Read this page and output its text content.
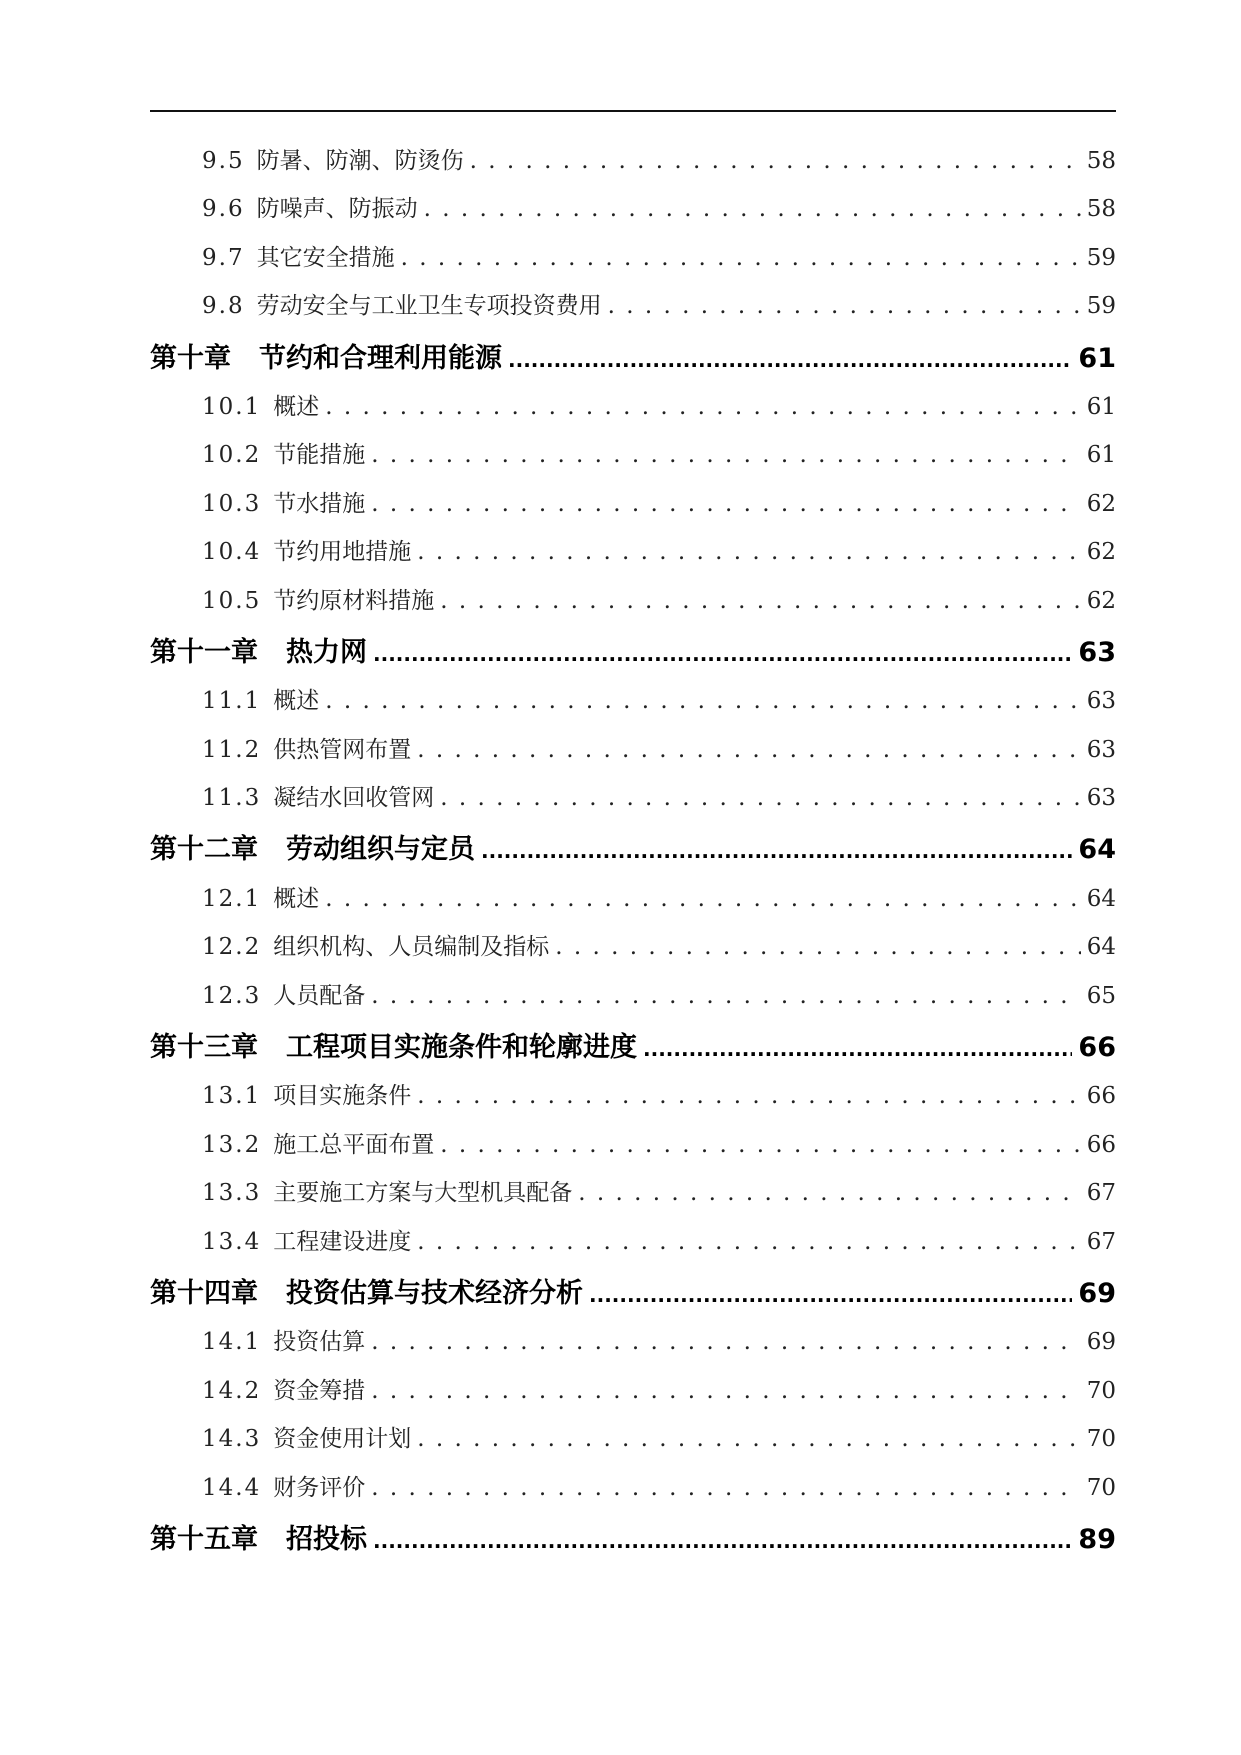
9.5 防暑、防潮、防烫伤 . . .	58
9.6 防噪声、防振动 . . .	58
9.7 其它安全措施 . . .	59
9.8 劳动安全与工业卫生专项投资费用 . . .	59
第十章 节约和合理利用能源 .....	61
10.1 概述 . . .	61
10.2 节能措施 . . .	61
10.3 节水措施 . . .	62
10.4 节约用地措施 . . .	62
10.5 节约原材料措施 . . .	62
第十一章 热力网 .....	63
11.1 概述 . . .	63
11.2 供热管网布置 . . .	63
11.3 凝结水回收管网 . . .	63
第十二章 劳动组织与定员 .....	64
12.1 概述 . . .	64
12.2 组织机构、人员编制及指标 . . .	64
12.3 人员配备 . . .	65
第十三章 工程项目实施条件和轮廓进度 .....	66
13.1 项目实施条件 . . .	66
13.2 施工总平面布置 . . .	66
13.3 主要施工方案与大型机具配备 . . .	67
13.4 工程建设进度 . . .	67
第十四章 投资估算与技术经济分析 .....	69
14.1 投资估算 . . .	69
14.2 资金筹措 . . .	70
14.3 资金使用计划 . . .	70
14.4 财务评价 . . .	70
第十五章 招投标 .....	89
